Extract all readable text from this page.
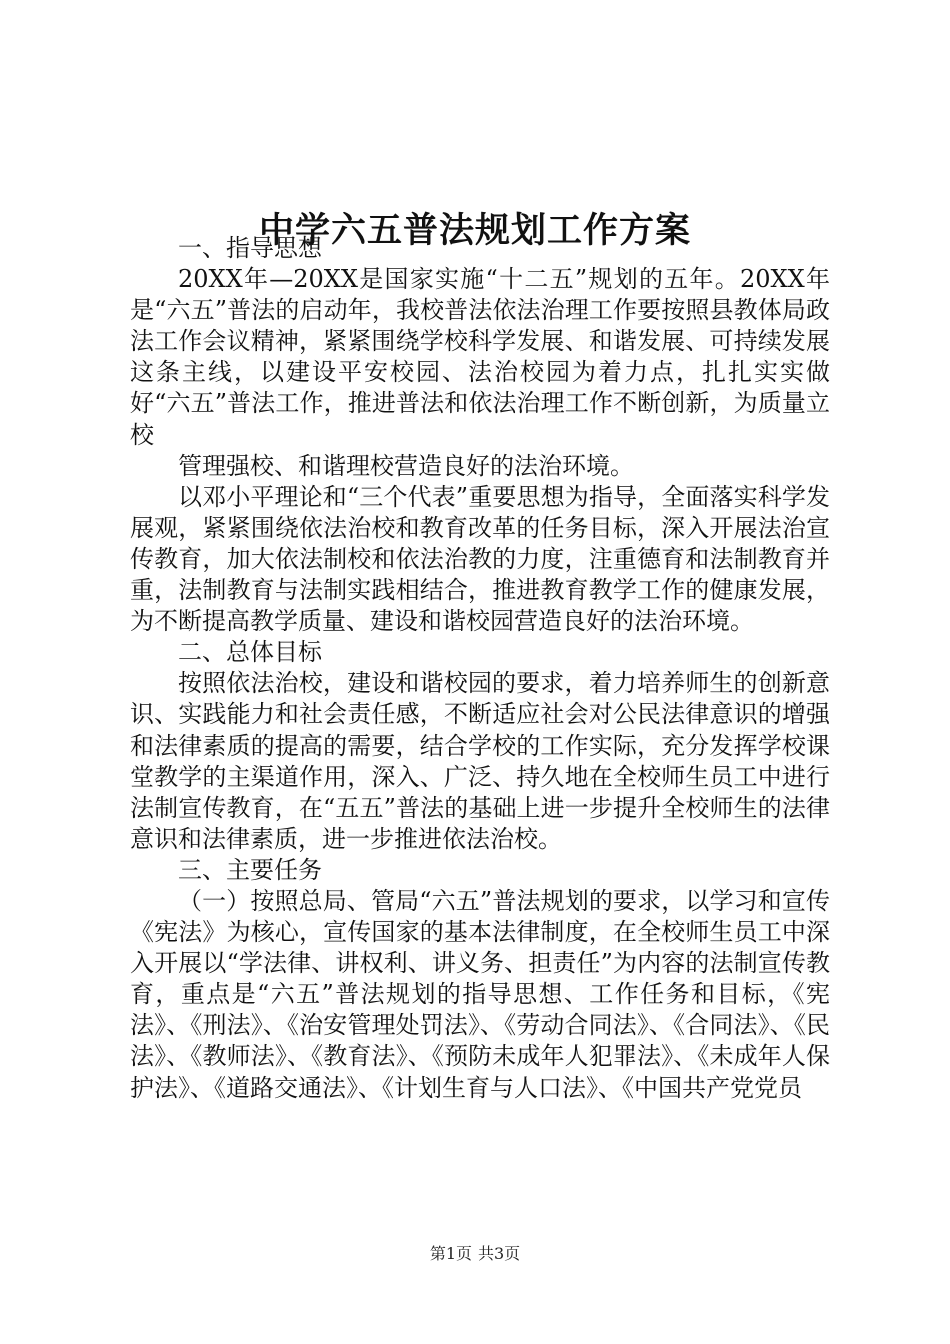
中学六五普法规划工作方案

一、指导思想

20XX年—20XX是国家实施“十二五”规划的五年。20XX年是“六五”普法的启动年，我校普法依法治理工作要按照县教体局政法工作会议精神，紧紧围绕学校科学发展、和谐发展、可持续发展这条主线，以建设平安校园、法治校园为着力点，扎扎实实做好“六五”普法工作，推进普法和依法治理工作不断创新，为质量立校

管理强校、和谐理校营造良好的法治环境。

以邓小平理论和“三个代表”重要思想为指导，全面落实科学发展观，紧紧围绕依法治校和教育改革的任务目标，深入开展法治宣传教育，加大依法制校和依法治教的力度，注重德育和法制教育并重，法制教育与法制实践相结合，推进教育教学工作的健康发展，为不断提高教学质量、建设和谐校园营造良好的法治环境。

二、总体目标

按照依法治校，建设和谐校园的要求，着力培养师生的创新意识、实践能力和社会责任感，不断适应社会对公民法律意识的增强和法律素质的提高的需要，结合学校的工作实际，充分发挥学校课堂教学的主渠道作用，深入、广泛、持久地在全校师生员工中进行法制宣传教育，在“五五”普法的基础上进一步提升全校师生的法律意识和法律素质，进一步推进依法治校。

三、主要任务

（一）按照总局、管局“六五”普法规划的要求，以学习和宣传《宪法》为核心，宣传国家的基本法律制度，在全校师生员工中深入开展以“学法律、讲权利、讲义务、担责任”为内容的法制宣传教育，重点是“六五”普法规划的指导思想、工作任务和目标，《宪法》、《刑法》、《治安管理处罚法》、《劳动合同法》、《合同法》、《民法》、《教师法》、《教育法》、《预防未成年人犯罪法》、《未成年人保护法》、《道路交通法》、《计划生育与人口法》、《中国共产党党员

第1页 共3页
